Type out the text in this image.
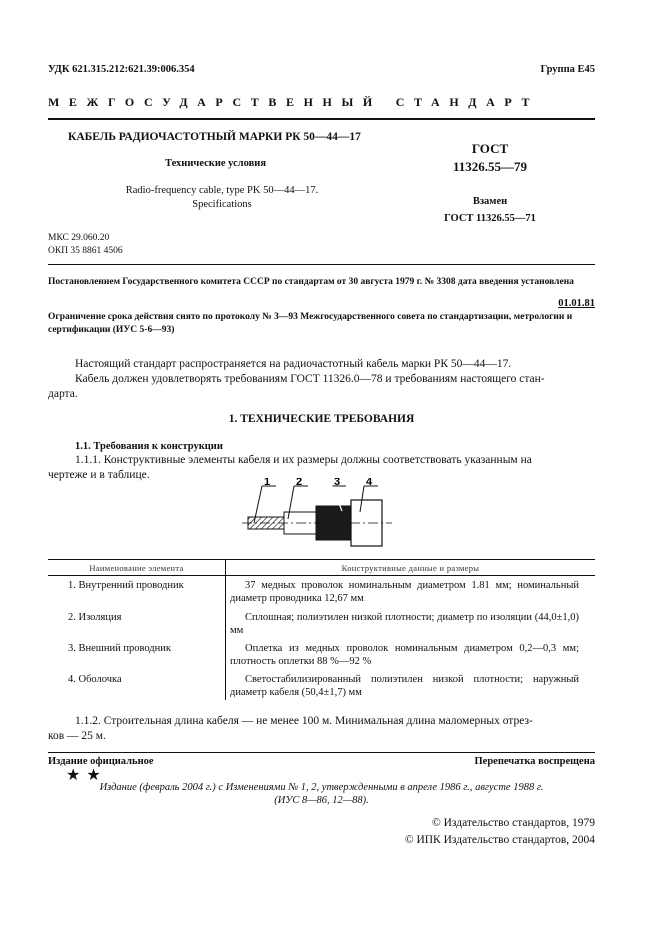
УДК 621.315.212:621.39:006.354	Группа Е45
МЕЖГОСУДАРСТВЕННЫЙ СТАНДАРТ
КАБЕЛЬ РАДИОЧАСТОТНЫЙ МАРКИ РК 50—44—17
Технические условия
Radio-frequency cable, type PK 50—44—17.
Specifications
ГОСТ
11326.55—79
Взамен
ГОСТ 11326.55—71
МКС 29.060.20
ОКП 35 8861 4506
Постановлением Государственного комитета СССР по стандартам от 30 августа 1979 г. № 3308 дата введения установлена
01.01.81
Ограничение срока действия снято по протоколу № 3—93 Межгосударственного совета по стандартизации, метрологии и сертификации (ИУС 5-6—93)
Настоящий стандарт распространяется на радиочастотный кабель марки РК 50—44—17.
Кабель должен удовлетворять требованиям ГОСТ 11326.0—78 и требованиям настоящего стан-
дарта.
1. ТЕХНИЧЕСКИЕ ТРЕБОВАНИЯ
1.1. Требования к конструкции
1.1.1. Конструктивные элементы кабеля и их размеры должны соответствовать указанным на
чертеже и в таблице.
1 2	3 4
Наименование элемента	Конструктивные данные и размеры
1. Внутренний проводник	37 медных проволок номинальным диаметром 1.81 мм; номинальный диаметр проводника 12,67 мм
2. Изоляция	Сплошная; полиэтилен низкой плотности; диаметр по изоляции (44,0±1,0) мм
3. Внешний проводник	Оплетка из медных проволок номинальным диаметром 0,2—0,3 мм; плотность оплетки 88 %—92 %
4. Оболочка	Светостабилизированный полиэтилен низкой плотности; наружный диаметр кабеля (50,4±1,7) мм
1.1.2. Строительная длина кабеля — не менее 100 м. Минимальная длина маломерных отрез-
ков — 25 м.
Издание официальное	Перепечатка воспрещена
★★
Издание (февраль 2004 г.) с Изменениями № 1, 2, утвержденными в апреле 1986 г., августе 1988 г.
(ИУС 8—86, 12—88).
© Издательство стандартов, 1979
© ИПК Издательство стандартов, 2004
